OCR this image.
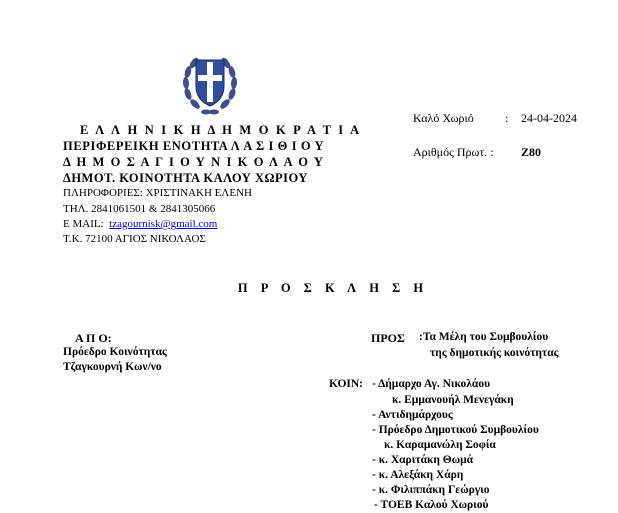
Ε Λ Λ Η Ν Ι Κ Η Δ Η Μ Ο Κ Ρ Α Τ Ι Α
ΠΕΡΙΦΕΡΕΙΚΗ ΕΝΟΤΗΤΑ Λ Α Σ Ι Θ Ι Ο Υ
Δ Η Μ Ο Σ Α Γ Ι Ο Υ Ν Ι Κ Ο Λ Α Ο Υ
ΔΗΜΟΤ. ΚΟΙΝΟΤΗΤΑ ΚΑΛΟΥ ΧΩΡΙΟΥ
ΠΛΗΡΟΦΟΡΙΕΣ: ΧΡΙΣΤΙΝΑΚΗ ΕΛΕΝΗ
ΤΗΛ. 2841061501 & 2841305066
E MAIL: tzagournisk@gmail.com
Τ.Κ. 72100 ΑΓΙΟΣ ΝΙΚΟΛΑΟΣ
Καλό Χωριό	: 24-04-2024
Αριθμός Πρωτ. : Ζ80
Π Ρ Ο Σ Κ Λ Η Σ Η
Α Π Ο:
Πρόεδρο Κοινότητας
Τζαγκουρνή Κων/νο
ΠΡΟΣ :Τα Μέλη του Συμβουλίου
της δημοτικής κοινότητας
ΚΟΙΝ: - Δήμαρχο Αγ. Νικολάου
κ. Εμμανουήλ Μενεγάκη
- Αντιδημάρχους
- Πρόεδρο Δημοτικού Συμβουλίου
κ. Καραμανώλη Σοφία
- κ. Χαριτάκη Θωμά
- κ. Αλεξάκη Χάρη
- κ. Φιλιππάκη Γεώργιο
- ΤΟΕΒ Καλού Χωριού
